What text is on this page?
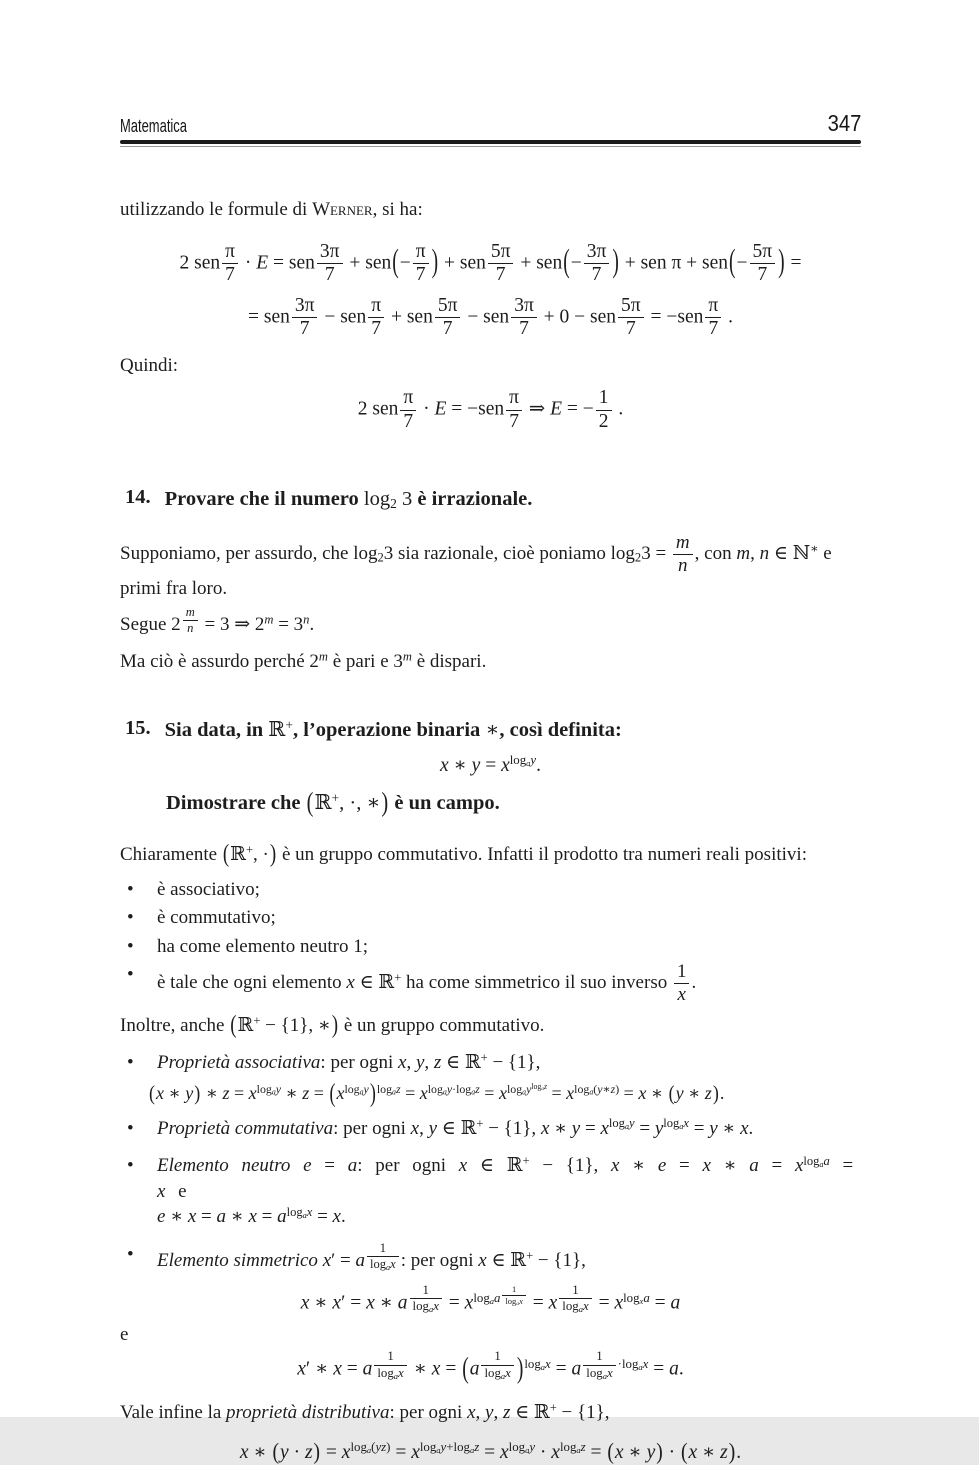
Matematica	347
utilizzando le formule di Werner, si ha:
2 sen $\frac{\pi}{7} \cdot E$ = sen $\frac{3\pi}{7} + sen(- \frac{\pi}{7}$ ) + sen $\frac{5\pi}{7} + sen(- \frac{3\pi}{7}$ ) + sen $\pi + sen(- \frac{5\pi}{7}$ ) =
= sen $\frac{3\pi}{7}$ − sen $\frac{\pi}{7}$ + sen $\frac{5\pi}{7}$ − sen $\frac{3\pi}{7} + 0$ − sen $\frac{5\pi}{7} = -sen \frac{\pi}{7}$ .
Quindi:
2 sen $\frac{\pi}{7} \cdot E = -sen \frac{\pi}{7}$ ⇒ E = − $\frac{1}{2}$ .
14. Provare che il numero log2 3 è irrazionale.
Supponiamo, per assurdo, che log23 sia razionale, cioè poniamo $\log 23 = \frac{m}{n}$ , con m, n ∈ ℕ∗ e primi fra loro.
Segue 2 $^{\frac{m}{n}}$ = 3 ⇒ $2^m = 3^n$.
Ma ciò è assurdo perché 2$^m$ è pari e 3$^m$ è dispari.
15. Sia data, in ℝ+, l’operazione binaria ∗, così definita:
x ∗ $y = x^{logay}$.
Dimostrare che (ℝ+, ·, ∗) è un campo.
Chiaramente (ℝ+, ·) è un gruppo commutativo. Infatti il prodotto tra numeri reali positivi:
•
è associativo;
•
è commutativo;
•
ha come elemento neutro 1;
•
è tale che ogni elemento x ∈ ℝ+ ha come simmetrico il suo inverso $\frac{1}{x}$ .
Inoltre, anche (ℝ+ − {1}, ∗) è un gruppo commutativo.
•
Proprietà associativa: per ogni x, y, z ∈ ℝ+ − {1},
(x ∗ y) ∗ $z = x^{logay}$ ∗ $z = (x^{logay})^{logaz} = x^{logay\cdot logaz} = x^{logay^{logaz}} = x^{loga(y∗z)} = x$ ∗ (y ∗ z).
•
Proprietà commutativa: per ogni x, y ∈ ℝ+ − {1}, x ∗ $y = x^{logay} = y^{logax} = y$ ∗ x.
•
Elemento neutro e = a: per ogni x ∈ ℝ+ − {1}, x ∗ e = x ∗ $a = x^{logaa} = x$ e
e ∗ x = a ∗ $x = a^{logax} = x$.
•
Elemento simmetrico x′ = a $^{\frac{1}{\text{logax}}}$ : per ogni x ∈ ℝ+ − {1},
x ∗ x′ = x ∗ a $^{\frac{1}{\text{logax}}} = x^{logaa ^{\frac{1}{\text{logax}}}} = x$ $^{\frac{1}{\text{logax}}} = x^{logxa} = a$
e
x′ ∗ x = a $^{\frac{1}{\text{logax}}}$ ∗ x = (a $^{\frac{1}{\text{logax}}}$ )$^{logax}$ = a $^{\frac{1}{\text{logax}} \cdot logax}$ = a.
Vale infine la proprietà distributiva: per ogni x, y, z ∈ ℝ+ − {1},
x ∗ $(y \cdot z) = x^{loga(yz)} = x^{logay+logaz} = x^{logay} \cdot x^{logaz} = (x$ ∗ y) · (x ∗ z).
